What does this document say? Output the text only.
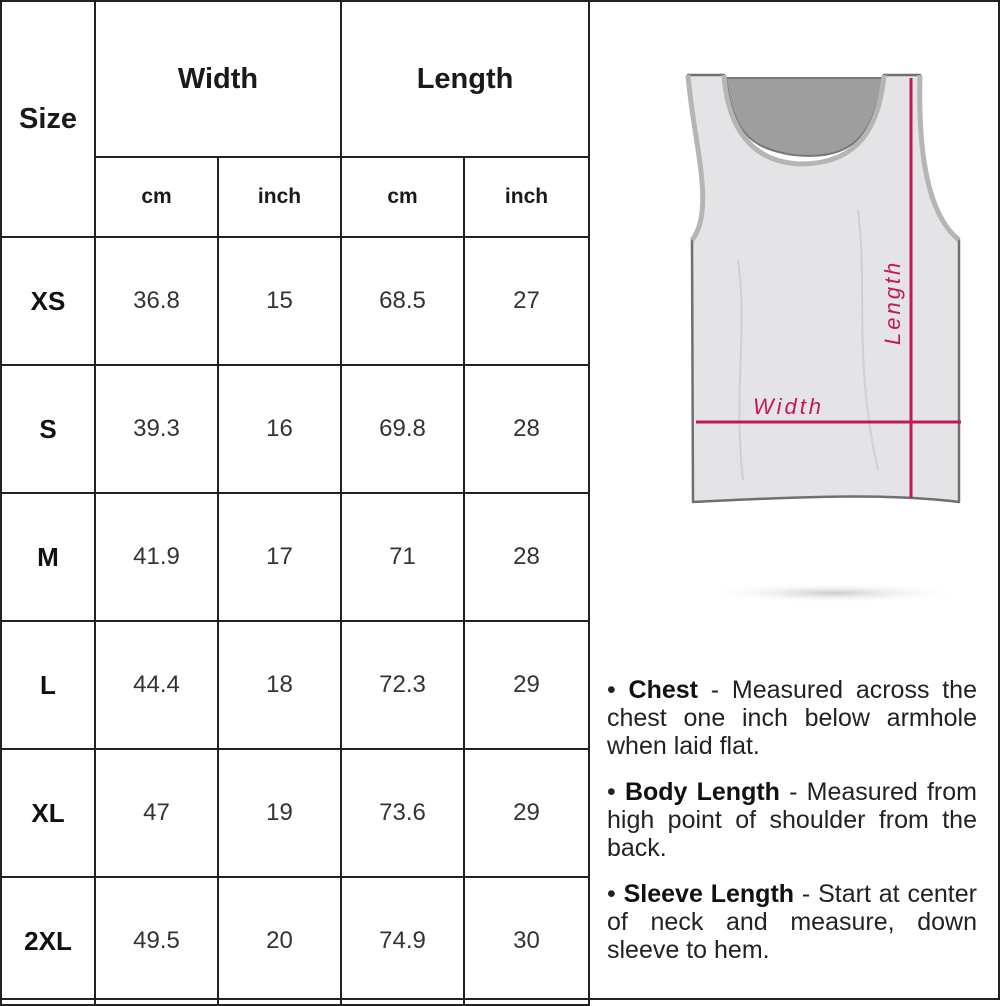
Size	Width		Length	
	cm	inch	cm	inch
XS	36.8	15	68.5	27
S	39.3	16	69.8	28
M	41.9	17	71	28
L	44.4	18	72.3	29
XL	47	19	73.6	29
2XL	49.5	20	74.9	30
Width
Length
• Chest - Measured across the chest one inch below armhole when laid flat.
• Body Length - Measured from high point of shoulder from the back.
• Sleeve Length - Start at center of neck and measure, down sleeve to hem.
